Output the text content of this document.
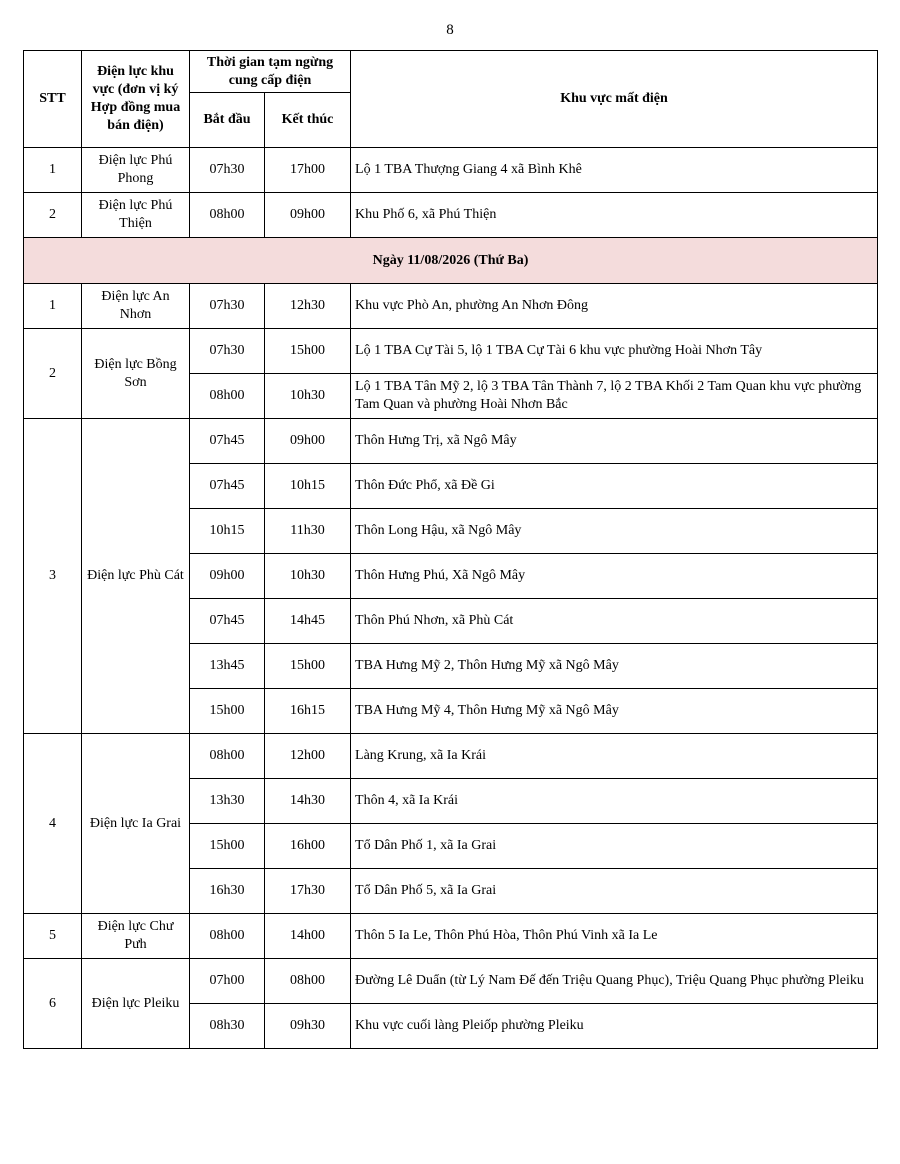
8
STT	Điện lực khu vực (đơn vị ký Hợp đồng mua bán điện)	Thời gian tạm ngừng cung cấp điện		Khu vực mất điện
		Bắt đầu	Kết thúc	
1	Điện lực Phú Phong	07h30	17h00	Lộ 1 TBA Thượng Giang 4 xã Bình Khê
2	Điện lực Phú Thiện	08h00	09h00	Khu Phố 6, xã Phú Thiện
Ngày 11/08/2026 (Thứ Ba)				
1	Điện lực An Nhơn	07h30	12h30	Khu vực Phò An, phường An Nhơn Đông
2	Điện lực Bồng Sơn	07h30	15h00	Lộ 1 TBA Cự Tài 5, lộ 1 TBA Cự Tài 6 khu vực phường Hoài Nhơn Tây
		08h00	10h30	Lộ 1 TBA Tân Mỹ 2, lộ 3 TBA Tân Thành 7, lộ 2 TBA Khối 2 Tam Quan khu vực phường Tam Quan và phường Hoài Nhơn Bắc
3	Điện lực Phù Cát	07h45	09h00	Thôn Hưng Trị, xã Ngô Mây
		07h45	10h15	Thôn Đức Phổ, xã Đề Gi
		10h15	11h30	Thôn Long Hậu, xã Ngô Mây
		09h00	10h30	Thôn Hưng Phú, Xã Ngô Mây
		07h45	14h45	Thôn Phú Nhơn, xã Phù Cát
		13h45	15h00	TBA Hưng Mỹ 2, Thôn Hưng Mỹ xã Ngô Mây
		15h00	16h15	TBA Hưng Mỹ 4, Thôn Hưng Mỹ xã Ngô Mây
4	Điện lực Ia Grai	08h00	12h00	Làng Krung, xã Ia Krái
		13h30	14h30	Thôn 4, xã Ia Krái
		15h00	16h00	Tổ Dân Phố 1, xã Ia Grai
		16h30	17h30	Tổ Dân Phố 5, xã Ia Grai
5	Điện lực Chư Pưh	08h00	14h00	Thôn 5 Ia Le, Thôn Phú Hòa, Thôn Phú Vinh xã Ia Le
6	Điện lực Pleiku	07h00	08h00	Đường Lê Duẩn (từ Lý Nam Đế đến Triệu Quang Phục), Triệu Quang Phục phường Pleiku
		08h30	09h30	Khu vực cuối làng Pleiốp phường Pleiku
